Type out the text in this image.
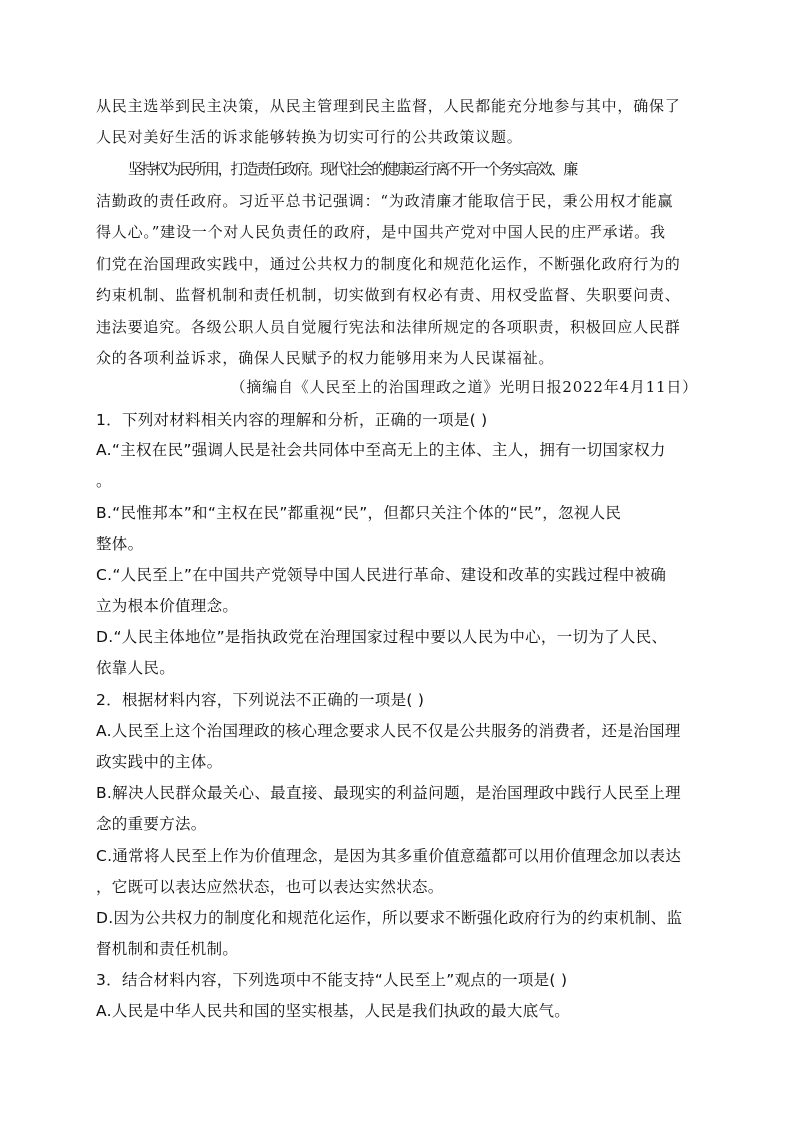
从民主选举到民主决策，从民主管理到民主监督，人民都能充分地参与其中，确保了
人民对美好生活的诉求能够转换为切实可行的公共政策议题。
坚持权为民所用，打造责任政府。现代社会的健康运行离不开一个务实高效、廉
洁勤政的责任政府。习近平总书记强调：“为政清廉才能取信于民，秉公用权才能赢
得人心。”建设一个对人民负责任的政府，是中国共产党对中国人民的庄严承诺。我
们党在治国理政实践中，通过公共权力的制度化和规范化运作，不断强化政府行为的
约束机制、监督机制和责任机制，切实做到有权必有责、用权受监督、失职要问责、
违法要追究。各级公职人员自觉履行宪法和法律所规定的各项职责，积极回应人民群
众的各项利益诉求，确保人民赋予的权力能够用来为人民谋福祉。
（摘编自《人民至上的治国理政之道》光明日报2022年4月11日）
1．下列对材料相关内容的理解和分析，正确的一项是( )
A.“主权在民”强调人民是社会共同体中至高无上的主体、主人，拥有一切国家权力
。
B.“民惟邦本”和“主权在民”都重视“民”，但都只关注个体的“民”，忽视人民
整体。
C.“人民至上”在中国共产党领导中国人民进行革命、建设和改革的实践过程中被确
立为根本价值理念。
D.“人民主体地位”是指执政党在治理国家过程中要以人民为中心，一切为了人民、
依靠人民。
2．根据材料内容，下列说法不正确的一项是( )
A.人民至上这个治国理政的核心理念要求人民不仅是公共服务的消费者，还是治国理
政实践中的主体。
B.解决人民群众最关心、最直接、最现实的利益问题，是治国理政中践行人民至上理
念的重要方法。
C.通常将人民至上作为价值理念，是因为其多重价值意蕴都可以用价值理念加以表达
，它既可以表达应然状态，也可以表达实然状态。
D.因为公共权力的制度化和规范化运作，所以要求不断强化政府行为的约束机制、监
督机制和责任机制。
3．结合材料内容，下列选项中不能支持“人民至上”观点的一项是( )
A.人民是中华人民共和国的坚实根基，人民是我们执政的最大底气。
